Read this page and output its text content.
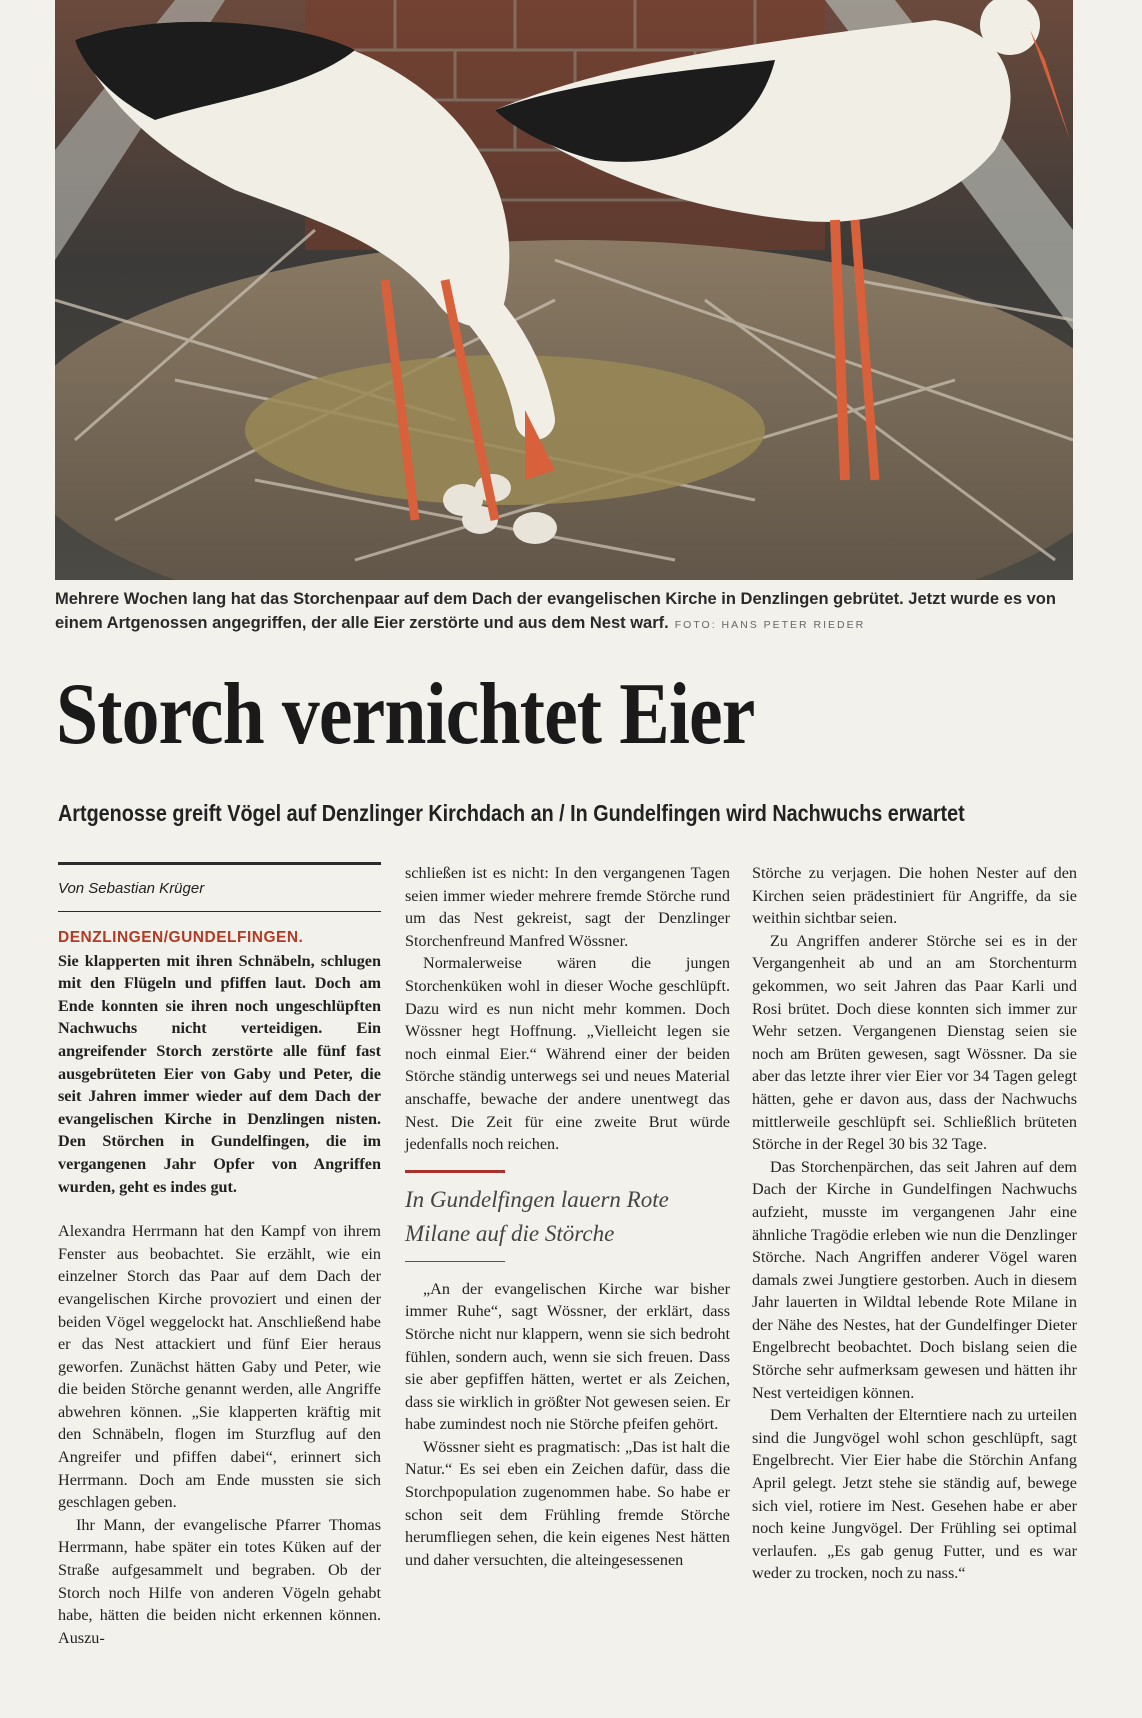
Mehrere Wochen lang hat das Storchenpaar auf dem Dach der evangelischen Kirche in Denzlingen gebrütet. Jetzt wurde es von einem Artgenossen angegriffen, der alle Eier zerstörte und aus dem Nest warf. FOTO: HANS PETER RIEDER
Storch vernichtet Eier
Artgenosse greift Vögel auf Denzlinger Kirchdach an / In Gundelfingen wird Nachwuchs erwartet
Von Sebastian Krüger

DENZLINGEN/GUNDELFINGEN.
Sie klapperten mit ihren Schnäbeln, schlugen mit den Flügeln und pfiffen laut. Doch am Ende konnten sie ihren noch ungeschlüpften Nachwuchs nicht verteidigen. Ein angreifender Storch zerstörte alle fünf fast ausgebrüteten Eier von Gaby und Peter, die seit Jahren immer wieder auf dem Dach der evangelischen Kirche in Denzlingen nisten. Den Störchen in Gundelfingen, die im vergangenen Jahr Opfer von Angriffen wurden, geht es indes gut.

Alexandra Herrmann hat den Kampf von ihrem Fenster aus beobachtet. Sie erzählt, wie ein einzelner Storch das Paar auf dem Dach der evangelischen Kirche provoziert und einen der beiden Vögel weggelockt hat. Anschließend habe er das Nest attackiert und fünf Eier heraus geworfen. Zunächst hätten Gaby und Peter, wie die beiden Störche genannt werden, alle Angriffe abwehren können. „Sie klapperten kräftig mit den Schnäbeln, flogen im Sturzflug auf den Angreifer und pfiffen dabei“, erinnert sich Herrmann. Doch am Ende mussten sie sich geschlagen geben.

Ihr Mann, der evangelische Pfarrer Thomas Herrmann, habe später ein totes Küken auf der Straße aufgesammelt und begraben. Ob der Storch noch Hilfe von anderen Vögeln gehabt habe, hätten die beiden nicht erkennen können. Auszu-

schließen ist es nicht: In den vergangenen Tagen seien immer wieder mehrere fremde Störche rund um das Nest gekreist, sagt der Denzlinger Storchenfreund Manfred Wössner.

Normalerweise wären die jungen Storchenküken wohl in dieser Woche geschlüpft. Dazu wird es nun nicht mehr kommen. Doch Wössner hegt Hoffnung. „Vielleicht legen sie noch einmal Eier.“ Während einer der beiden Störche ständig unterwegs sei und neues Material anschaffe, bewache der andere unentwegt das Nest. Die Zeit für eine zweite Brut würde jedenfalls noch reichen.

In Gundelfingen lauern Rote Milane auf die Störche

„An der evangelischen Kirche war bisher immer Ruhe“, sagt Wössner, der erklärt, dass Störche nicht nur klappern, wenn sie sich bedroht fühlen, sondern auch, wenn sie sich freuen. Dass sie aber gepfiffen hätten, wertet er als Zeichen, dass sie wirklich in größter Not gewesen seien. Er habe zumindest noch nie Störche pfeifen gehört.

Wössner sieht es pragmatisch: „Das ist halt die Natur.“ Es sei eben ein Zeichen dafür, dass die Storchpopulation zugenommen habe. So habe er schon seit dem Frühling fremde Störche herumfliegen sehen, die kein eigenes Nest hätten und daher versuchten, die alteingesessenen

Störche zu verjagen. Die hohen Nester auf den Kirchen seien prädestiniert für Angriffe, da sie weithin sichtbar seien.

Zu Angriffen anderer Störche sei es in der Vergangenheit ab und an am Storchenturm gekommen, wo seit Jahren das Paar Karli und Rosi brütet. Doch diese konnten sich immer zur Wehr setzen. Vergangenen Dienstag seien sie noch am Brüten gewesen, sagt Wössner. Da sie aber das letzte ihrer vier Eier vor 34 Tagen gelegt hätten, gehe er davon aus, dass der Nachwuchs mittlerweile geschlüpft sei. Schließlich brüteten Störche in der Regel 30 bis 32 Tage.

Das Storchenpärchen, das seit Jahren auf dem Dach der Kirche in Gundelfingen Nachwuchs aufzieht, musste im vergangenen Jahr eine ähnliche Tragödie erleben wie nun die Denzlinger Störche. Nach Angriffen anderer Vögel waren damals zwei Jungtiere gestorben. Auch in diesem Jahr lauerten in Wildtal lebende Rote Milane in der Nähe des Nestes, hat der Gundelfinger Dieter Engelbrecht beobachtet. Doch bislang seien die Störche sehr aufmerksam gewesen und hätten ihr Nest verteidigen können.

Dem Verhalten der Elterntiere nach zu urteilen sind die Jungvögel wohl schon geschlüpft, sagt Engelbrecht. Vier Eier habe die Störchin Anfang April gelegt. Jetzt stehe sie ständig auf, bewege sich viel, rotiere im Nest. Gesehen habe er aber noch keine Jungvögel. Der Frühling sei optimal verlaufen. „Es gab genug Futter, und es war weder zu trocken, noch zu nass.“
